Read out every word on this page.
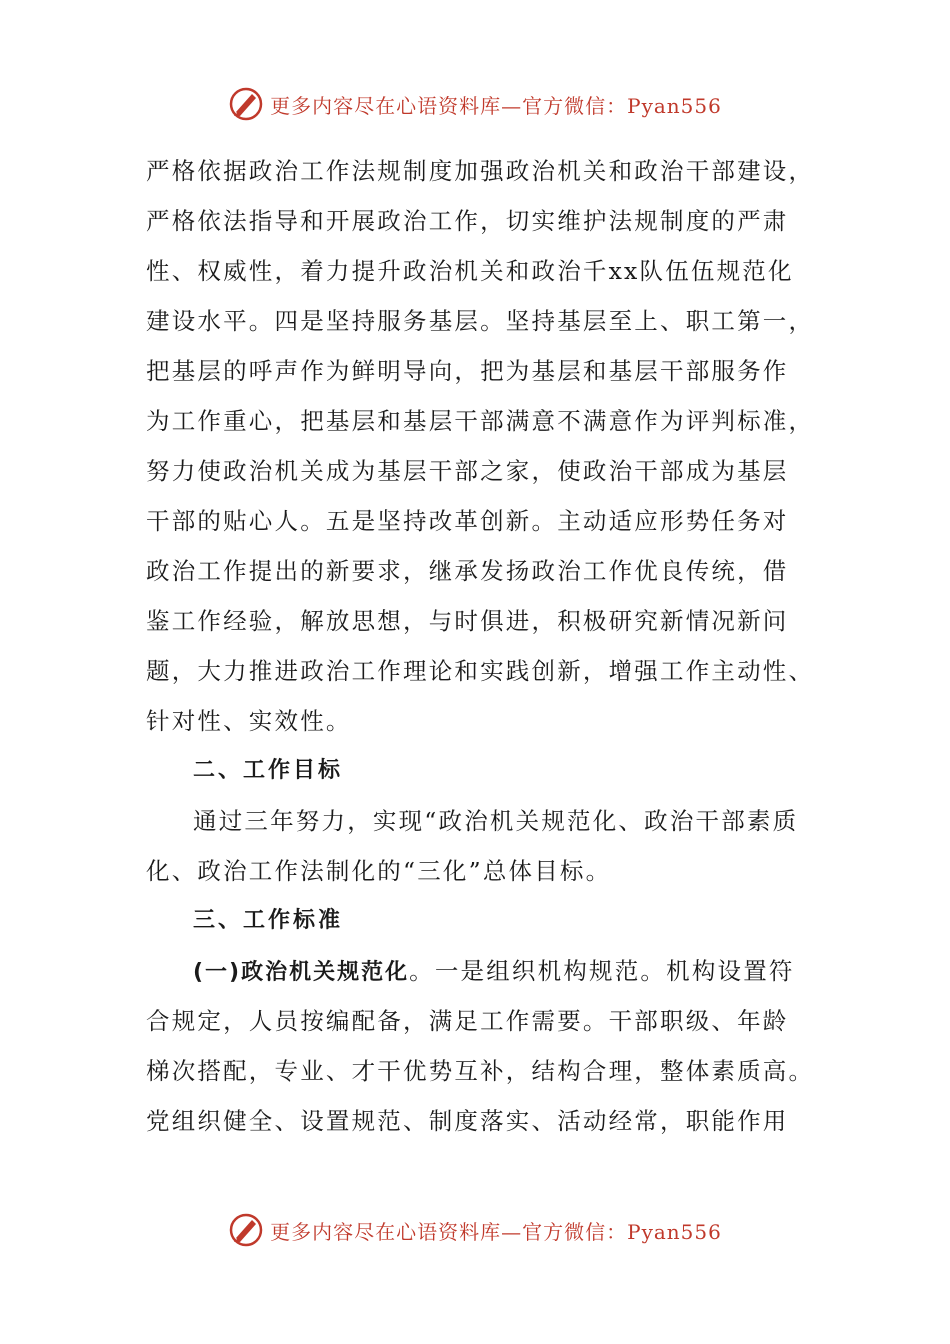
更多内容尽在心语资料库—官方微信：Pyan556
严格依据政治工作法规制度加强政治机关和政治干部建设，
严格依法指导和开展政治工作，切实维护法规制度的严肃
性、权威性，着力提升政治机关和政治千xx队伍伍规范化
建设水平。四是坚持服务基层。坚持基层至上、职工第一，
把基层的呼声作为鲜明导向，把为基层和基层干部服务作
为工作重心，把基层和基层干部满意不满意作为评判标准，
努力使政治机关成为基层干部之家，使政治干部成为基层
干部的贴心人。五是坚持改革创新。主动适应形势任务对
政治工作提出的新要求，继承发扬政治工作优良传统，借
鉴工作经验，解放思想，与时俱进，积极研究新情况新问
题，大力推进政治工作理论和实践创新，增强工作主动性、
针对性、实效性。
二、工作目标
通过三年努力，实现“政治机关规范化、政治干部素质
化、政治工作法制化的“三化”总体目标。
三、工作标准
(一)政治机关规范化。一是组织机构规范。机构设置符
合规定，人员按编配备，满足工作需要。干部职级、年龄
梯次搭配，专业、才干优势互补，结构合理，整体素质高。
党组织健全、设置规范、制度落实、活动经常，职能作用
更多内容尽在心语资料库—官方微信：Pyan556
